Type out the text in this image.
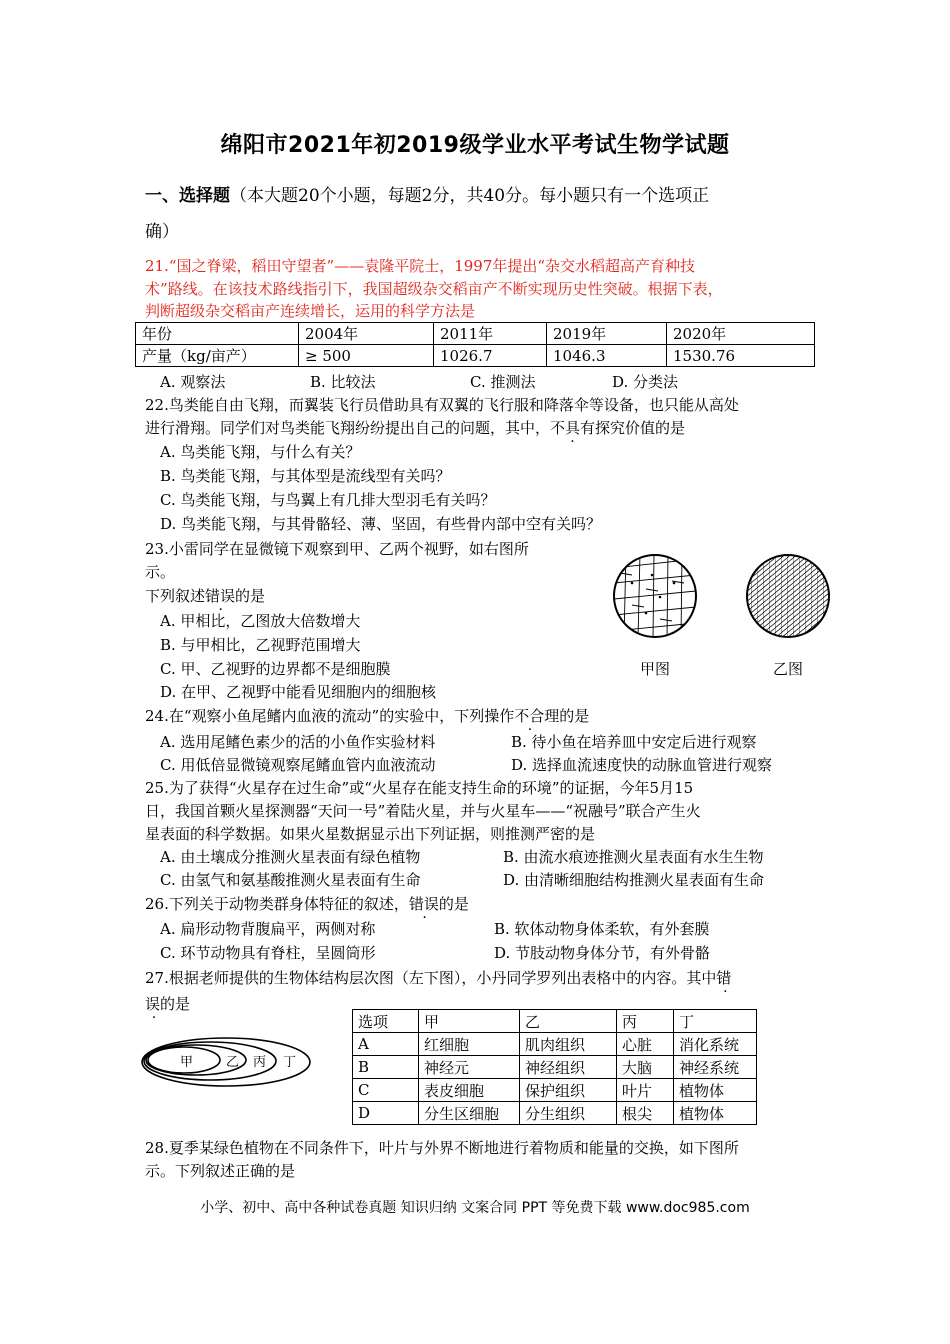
绵阳市2021年初2019级学业水平考试生物学试题
一、选择题（本大题20个小题，每题2分，共40分。每小题只有一个选项正
确）
21.“国之脊梁，稻田守望者”——袁隆平院士，1997年提出“杂交水稻超高产育种技
术”路线。在该技术路线指引下，我国超级杂交稻亩产不断实现历史性突破。根据下表，
判断超级杂交稻亩产连续增长，运用的科学方法是
年份	2004年	2011年	2019年	2020年
产量（kg/亩产）	≥ 500	1026.7	1046.3	1530.76
A. 观察法	B. 比较法	C. 推测法	D. 分类法
22.鸟类能自由飞翔，而翼装飞行员借助具有双翼的飞行服和降落伞等设备，也只能从高处
进行滑翔。同学们对鸟类能飞翔纷纷提出自己的问题，其中，不具有探究价值的是
A. 鸟类能飞翔，与什么有关？
B. 鸟类能飞翔，与其体型是流线型有关吗？
C. 鸟类能飞翔，与鸟翼上有几排大型羽毛有关吗？
D. 鸟类能飞翔，与其骨骼轻、薄、坚固，有些骨内部中空有关吗？
23.小雷同学在显微镜下观察到甲、乙两个视野，如右图所
示。
下列叙述错误的是
A. 甲相比，乙图放大倍数增大
B. 与甲相比，乙视野范围增大
C. 甲、乙视野的边界都不是细胞膜
D. 在甲、乙视野中能看见细胞内的细胞核
甲图	乙图
24.在“观察小鱼尾鳍内血液的流动”的实验中，下列操作不合理的是
A. 选用尾鳍色素少的活的小鱼作实验材料	B. 待小鱼在培养皿中安定后进行观察
C. 用低倍显微镜观察尾鳍血管内血液流动	D. 选择血流速度快的动脉血管进行观察
25.为了获得“火星存在过生命”或“火星存在能支持生命的环境”的证据，今年5月15
日，我国首颗火星探测器“天问一号”着陆火星，并与火星车——“祝融号”联合产生火
星表面的科学数据。如果火星数据显示出下列证据，则推测严密的是
A. 由土壤成分推测火星表面有绿色植物	B. 由流水痕迹推测火星表面有水生生物
C. 由氢气和氨基酸推测火星表面有生命	D. 由清晰细胞结构推测火星表面有生命
26.下列关于动物类群身体特征的叙述，错误的是
A. 扁形动物背腹扁平，两侧对称	B. 软体动物身体柔软，有外套膜
C. 环节动物具有脊柱，呈圆筒形	D. 节肢动物身体分节，有外骨骼
27.根据老师提供的生物体结构层次图（左下图），小丹同学罗列出表格中的内容。其中错
误的是
甲	乙 丙 丁
选项	甲	乙	丙	丁
A	红细胞	肌肉组织	心脏	消化系统
B	神经元	神经组织	大脑	神经系统
C	表皮细胞	保护组织	叶片	植物体
D	分生区细胞	分生组织	根尖	植物体
28.夏季某绿色植物在不同条件下，叶片与外界不断地进行着物质和能量的交换，如下图所
示。下列叙述正确的是
小学、初中、高中各种试卷真题 知识归纳 文案合同 PPT 等免费下载 www.doc985.com
